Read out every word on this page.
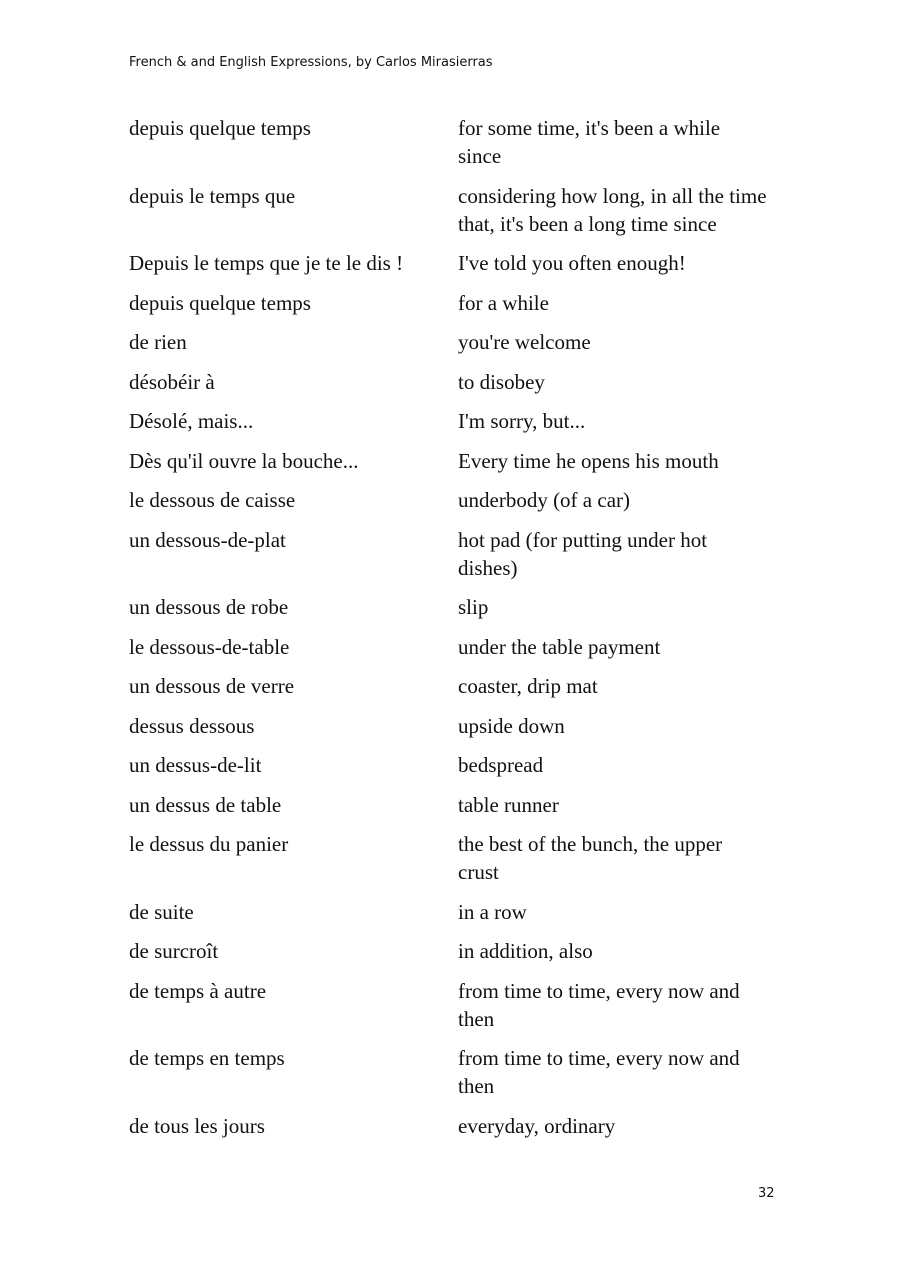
French & and English Expressions, by Carlos Mirasierras
depuis quelque temps	for some time, it's been a while since
depuis le temps que	considering how long, in all the time that, it's been a long time since
Depuis le temps que je te le dis !	I've told you often enough!
depuis quelque temps	for a while
de rien	you're welcome
désobéir à	to disobey
Désolé, mais...	I'm sorry, but...
Dès qu'il ouvre la bouche...	Every time he opens his mouth
le dessous de caisse	underbody (of a car)
un dessous-de-plat	hot pad (for putting under hot dishes)
un dessous de robe	slip
le dessous-de-table	under the table payment
un dessous de verre	coaster, drip mat
dessus dessous	upside down
un dessus-de-lit	bedspread
un dessus de table	table runner
le dessus du panier	the best of the bunch, the upper crust
de suite	in a row
de surcroît	in addition, also
de temps à autre	from time to time, every now and then
de temps en temps	from time to time, every now and then
de tous les jours	everyday, ordinary
32
